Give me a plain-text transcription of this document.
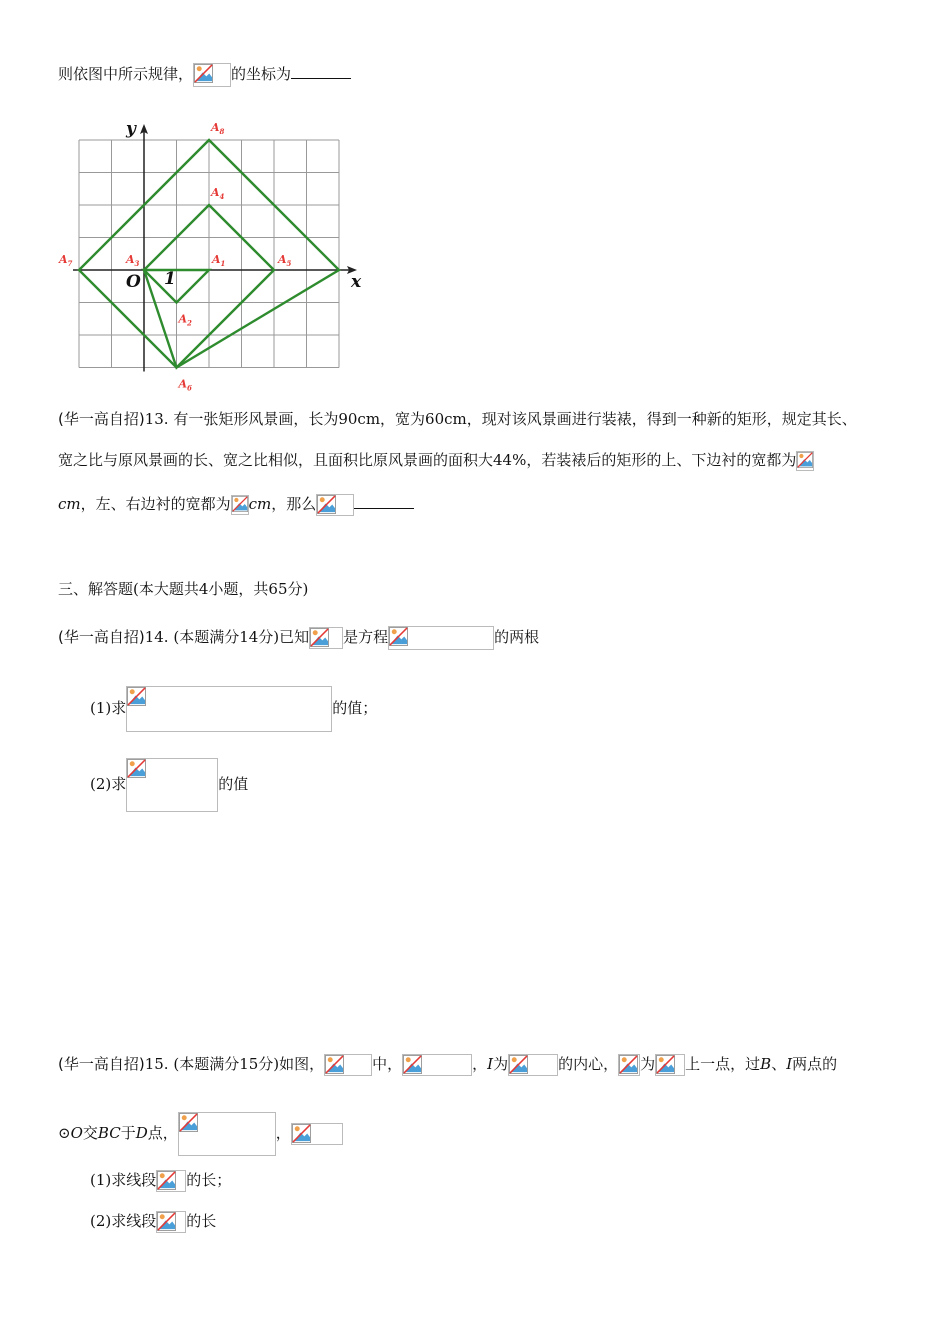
则依图中所示规律，	的坐标为
y
x
O 1
$A_8$
$A_4$
$A_3$	$A_1$	$A_5$
$A_7$
$A_2$
$A_6$
(华一高自招)13. 有一张矩形风景画，长为90cm，宽为60cm，现对该风景画进行装裱，得到一种新的矩形，规定其长、
宽之比与原风景画的长、宽之比相似，且面积比原风景画的面积大44%，若装裱后的矩形的上、下边衬的宽都为
cm，左、右边衬的宽都为 cm，那么
三、解答题(本大题共4小题，共65分)
(华一高自招)14. (本题满分14分)已知 是方程	的两根
(1)求	的值；
(2)求	的值
(华一高自招)15. (本题满分15分)如图，	中，	，I为	的内心， 为 上一点，过B、I两点的
⊙O交BC于D点，	，
(1)求线段 的长；
(2)求线段 的长
